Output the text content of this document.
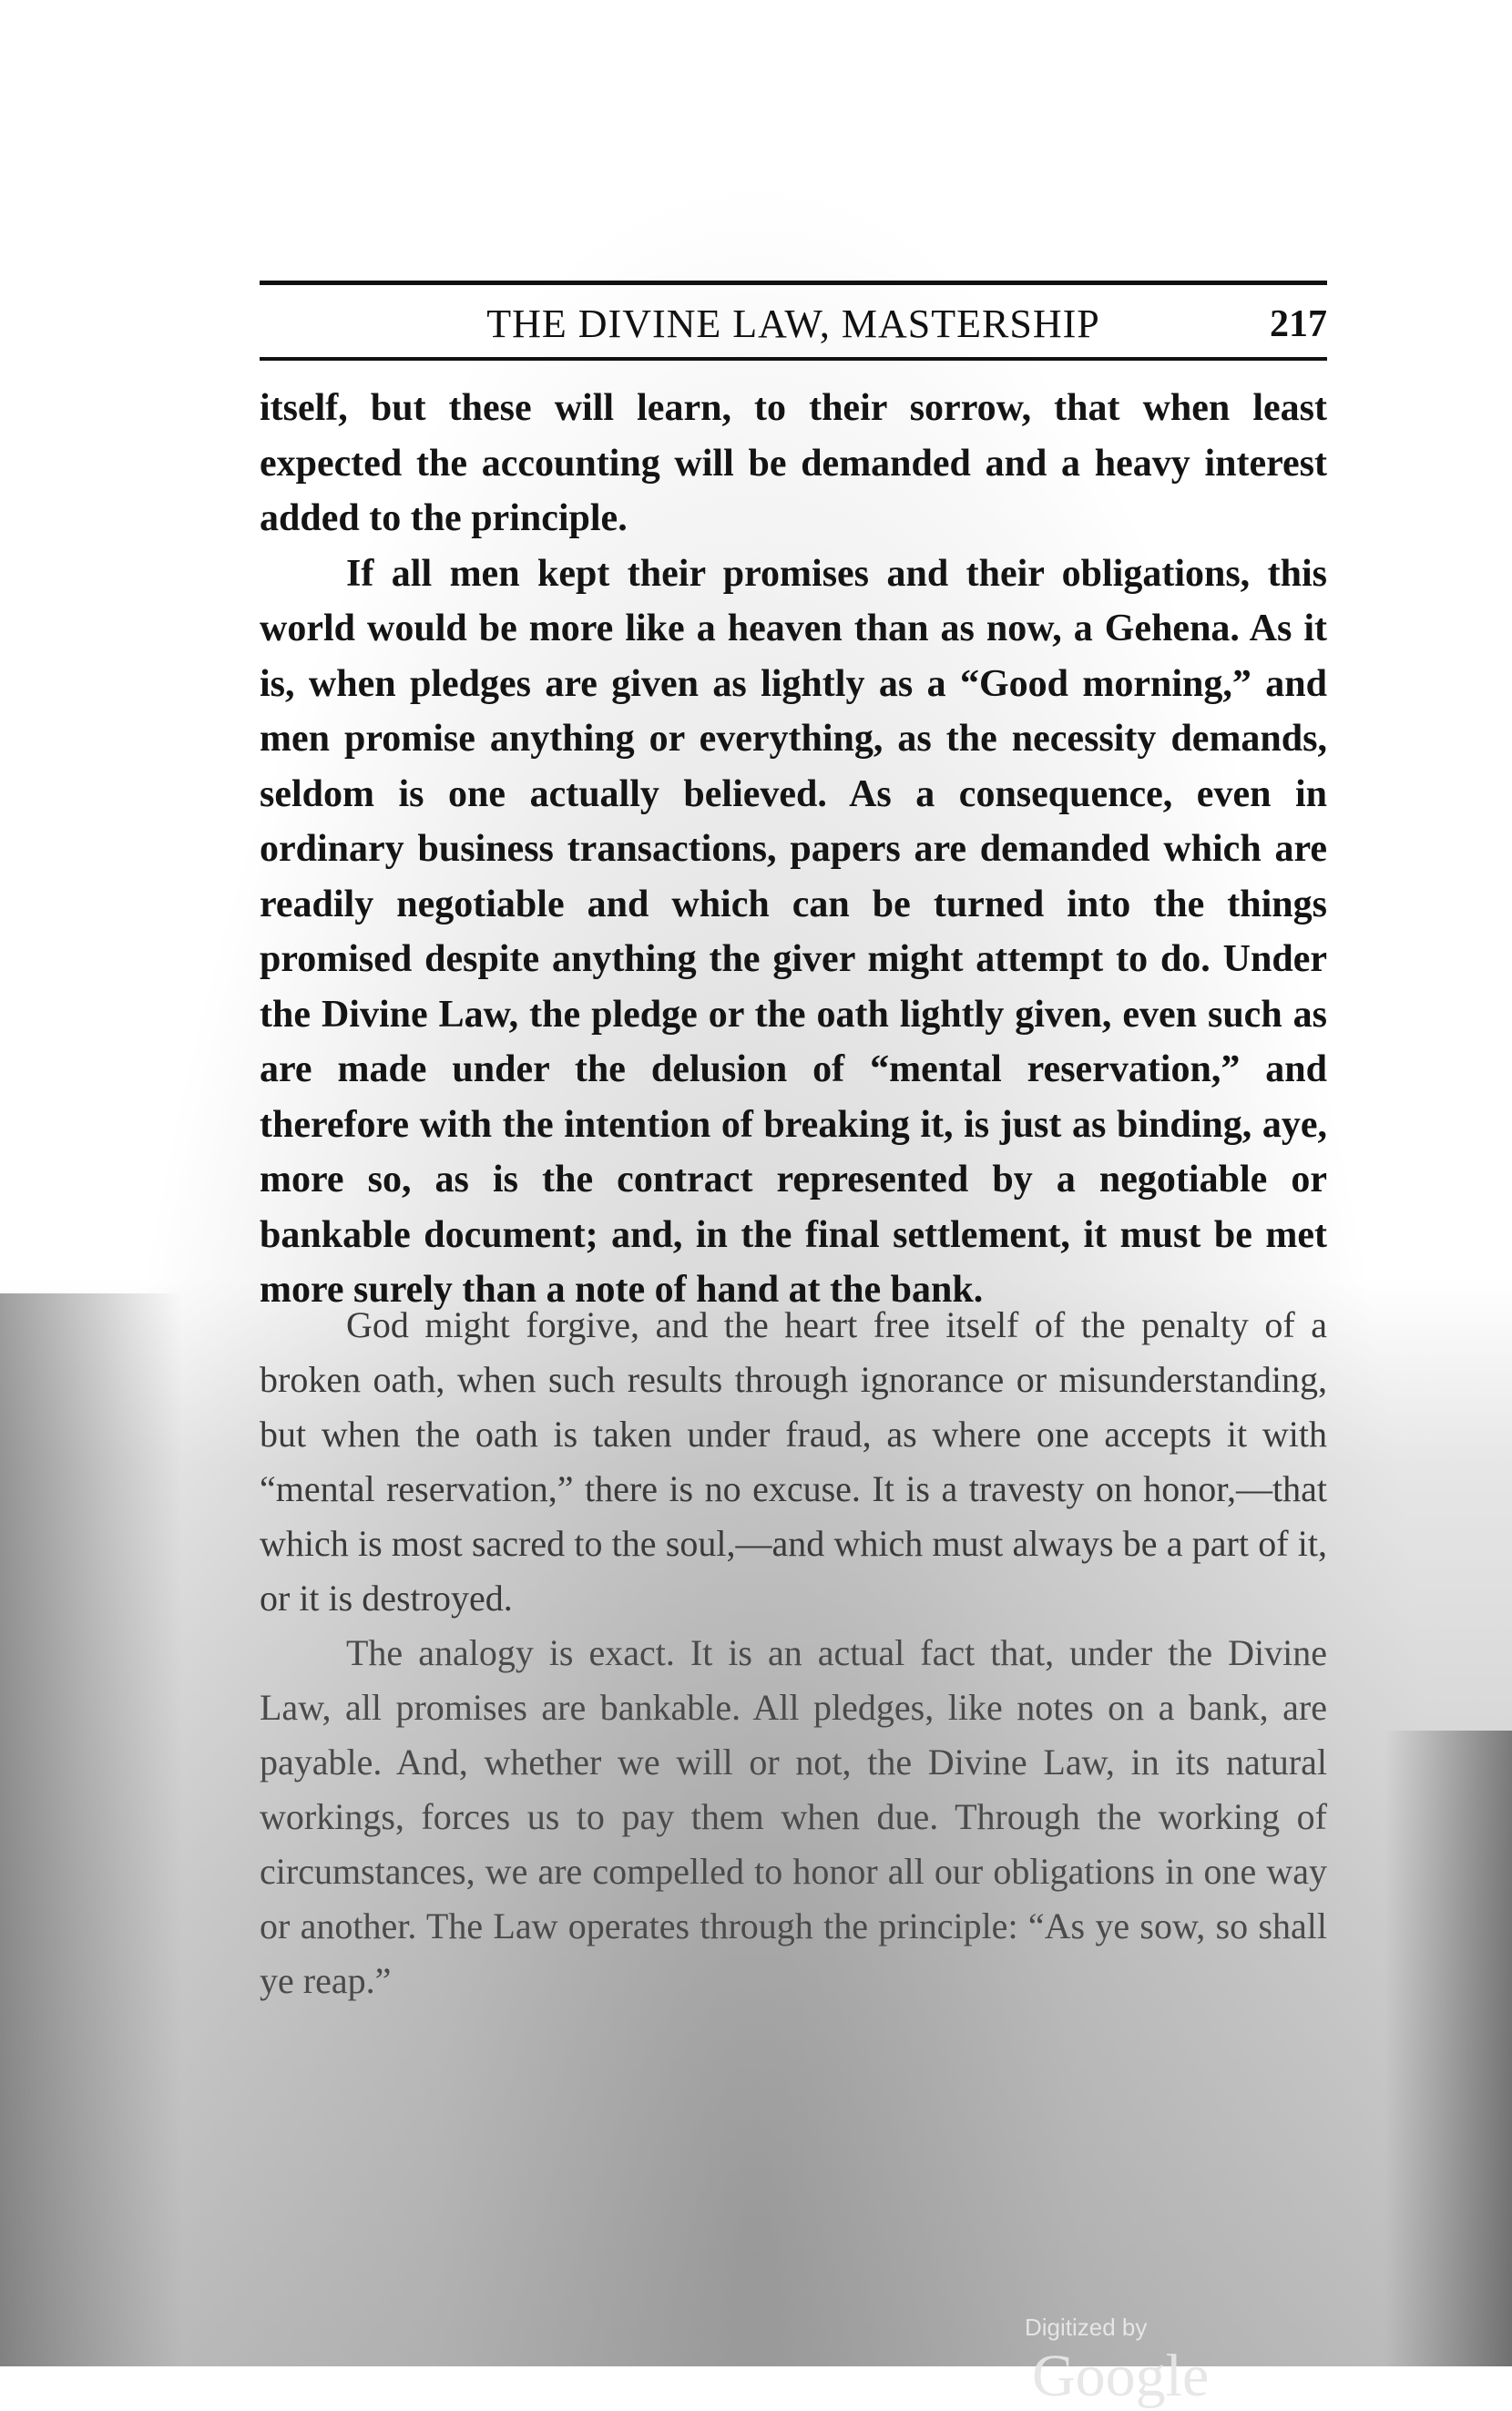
THE DIVINE LAW, MASTERSHIP	217

itself, but these will learn, to their sorrow, that when least expected the accounting will be demanded and a heavy interest added to the principle.

If all men kept their promises and their obligations, this world would be more like a heaven than as now, a Gehena. As it is, when pledges are given as lightly as a “Good morning,” and men promise anything or everything, as the necessity demands, seldom is one actually believed. As a consequence, even in ordinary business transactions, papers are demanded which are readily negotiable and which can be turned into the things promised despite anything the giver might attempt to do. Under the Divine Law, the pledge or the oath lightly given, even such as are made under the delusion of “mental reservation,” and therefore with the intention of breaking it, is just as binding, aye, more so, as is the contract represented by a negotiable or bankable document; and, in the final settlement, it must be met more surely than a note of hand at the bank.

God might forgive, and the heart free itself of the penalty of a broken oath, when such results through ignorance or misunderstanding, but when the oath is taken under fraud, as where one accepts it with “mental reservation,” there is no excuse. It is a travesty on honor,—that which is most sacred to the soul,—and which must always be a part of it, or it is destroyed.

The analogy is exact. It is an actual fact that, under the Divine Law, all promises are bankable. All pledges, like notes on a bank, are payable. And, whether we will or not, the Divine Law, in its natural workings, forces us to pay them when due. Through the working of circumstances, we are compelled to honor all our obligations in one way or another. The Law operates through the principle: “As ye sow, so shall ye reap.”

Digitized by Google
